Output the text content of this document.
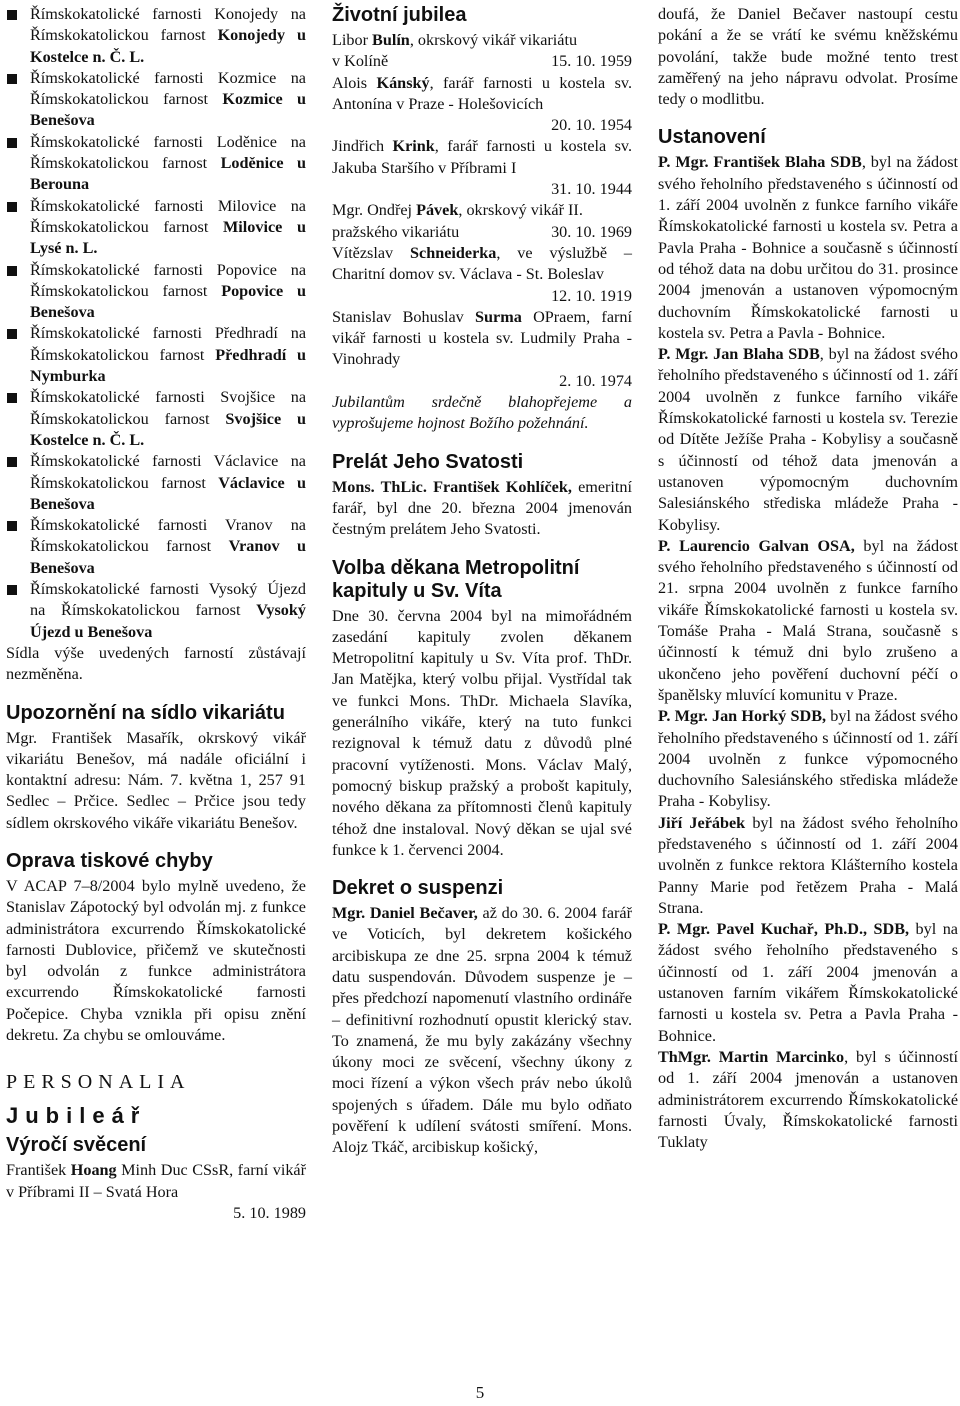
Římskokatolické farnosti Konojedy na Římskokatolickou farnost Konojedy u Kostelce n. Č. L.

Římskokatolické farnosti Kozmice na Římskokatolickou farnost Kozmice u Benešova

Římskokatolické farnosti Loděnice na Římskokatolickou farnost Loděnice u Berouna

Římskokatolické farnosti Milovice na Římskokatolickou farnost Milovice u Lysé n. L.

Římskokatolické farnosti Popovice na Římskokatolickou farnost Popovice u Benešova

Římskokatolické farnosti Předhradí na Římskokatolickou farnost Předhradí u Nymburka

Římskokatolické farnosti Svojšice na Římskokatolickou farnost Svojšice u Kostelce n. Č. L.

Římskokatolické farnosti Václavice na Římskokatolickou farnost Václavice u Benešova

Římskokatolické farnosti Vranov na Římskokatolickou farnost Vranov u Benešova

Římskokatolické farnosti Vysoký Újezd na Římskokatolickou farnost Vysoký Újezd u Benešova

Sídla výše uvedených farností zůstávají nezměněna.

Upozornění na sídlo vikariátu

Mgr. František Masařík, okrskový vikář vikariátu Benešov, má nadále oficiální i kontaktní adresu: Nám. 7. května 1, 257 91 Sedlec – Prčice. Sedlec – Prčice jsou tedy sídlem okrskového vikáře vikariátu Benešov.

Oprava tiskové chyby

V ACAP 7–8/2004 bylo mylně uvedeno, že Stanislav Zápotocký byl odvolán mj. z funkce administrátora excurrendo Římskokatolické farnosti Dublovice, přičemž ve skutečnosti byl odvolán z funkce administrátora excurrendo Římskokatolické farnosti Počepice. Chyba vznikla při opisu znění dekretu. Za chybu se omlouváme.

PERSONALIA
Jubileář
Výročí svěcení

František Hoang Minh Duc CSsR, farní vikář v Příbrami II – Svatá Hora

5. 10. 1989

Životní jubilea

Libor Bulín, okrskový vikář vikariátu

v Kolíně	15. 10. 1959

Alois Kánský, farář farnosti u kostela sv. Antonína v Praze - Holešovicích

20. 10. 1954

Jindřich Krink, farář farnosti u kostela sv. Jakuba Staršího v Příbrami I

31. 10. 1944

Mgr. Ondřej Pávek, okrskový vikář II.

pražského vikariátu	30. 10. 1969

Vítězslav Schneiderka, ve výslužbě – Charitní domov sv. Václava - St. Boleslav

12. 10. 1919

Stanislav Bohuslav Surma OPraem, farní vikář farnosti u kostela sv. Ludmily Praha - Vinohrady

2. 10. 1974

Jubilantům srdečně blahopřejeme a vyprošujeme hojnost Božího požehnání.

Prelát Jeho Svatosti

Mons. ThLic. František Kohlíček, emeritní farář, byl dne 20. března 2004 jmenován čestným prelátem Jeho Svatosti.

Volba děkana Metropolitní kapituly u Sv. Víta

Dne 30. června 2004 byl na mimořádném zasedání kapituly zvolen děkanem Metropolitní kapituly u Sv. Víta prof. ThDr. Jan Matějka, který volbu přijal. Vystřídal tak ve funkci Mons. ThDr. Michaela Slavíka, generálního vikáře, který na tuto funkci rezignoval k témuž datu z důvodů plné pracovní vytíženosti. Mons. Václav Malý, pomocný biskup pražský a probošt kapituly, nového děkana za přítomnosti členů kapituly téhož dne instaloval. Nový děkan se ujal své funkce k 1. červenci 2004.

Dekret o suspenzi

Mgr. Daniel Bečaver, až do 30. 6. 2004 farář ve Voticích, byl dekretem košického arcibiskupa ze dne 25. srpna 2004 k témuž datu suspendován. Důvodem suspenze je – přes předchozí napomenutí vlastního ordináře – definitivní rozhodnutí opustit klerický stav. To znamená, že mu byly zakázány všechny úkony moci ze svěcení, všechny úkony z moci řízení a výkon všech práv nebo úkolů spojených s úřadem. Dále mu bylo odňato pověření k udílení svátosti smíření. Mons. Alojz Tkáč, arcibiskup košický,

doufá, že Daniel Bečaver nastoupí cestu pokání a že se vrátí ke svému kněžskému povolání, takže bude možné tento trest zaměřený na jeho nápravu odvolat. Prosíme tedy o modlitbu.

Ustanovení

P. Mgr. František Blaha SDB, byl na žádost svého řeholního představeného s účinností od 1. září 2004 uvolněn z funkce farního vikáře Římskokatolické farnosti u kostela sv. Petra a Pavla Praha - Bohnice a současně s účinností od téhož data na dobu určitou do 31. prosince 2004 jmenován a ustanoven výpomocným duchovním Římskokatolické farnosti u kostela sv. Petra a Pavla - Bohnice.

P. Mgr. Jan Blaha SDB, byl na žádost svého řeholního představeného s účinností od 1. září 2004 uvolněn z funkce farního vikáře Římskokatolické farnosti u kostela sv. Terezie od Dítěte Ježíše Praha - Kobylisy a současně s účinností od téhož data jmenován a ustanoven výpomocným duchovním Salesiánského střediska mládeže Praha - Kobylisy.

P. Laurencio Galvan OSA, byl na žádost svého řeholního představeného s účinností od 21. srpna 2004 uvolněn z funkce farního vikáře Římskokatolické farnosti u kostela sv. Tomáše Praha - Malá Strana, současně s účinností k témuž dni bylo zrušeno a ukončeno jeho pověření duchovní péčí o španělsky mluvící komunitu v Praze.

P. Mgr. Jan Horký SDB, byl na žádost svého řeholního představeného s účinností od 1. září 2004 uvolněn z funkce výpomocného duchovního Salesiánského střediska mládeže Praha - Kobylisy.

Jiří Jeřábek byl na žádost svého řeholního představeného s účinností od 1. září 2004 uvolněn z funkce rektora Klášterního kostela Panny Marie pod řetězem Praha - Malá Strana.

P. Mgr. Pavel Kuchař, Ph.D., SDB, byl na žádost svého řeholního představeného s účinností od 1. září 2004 jmenován a ustanoven farním vikářem Římskokatolické farnosti u kostela sv. Petra a Pavla Praha - Bohnice.

ThMgr. Martin Marcinko, byl s účinností od 1. září 2004 jmenován a ustanoven administrátorem excurrendo Římskokatolické farnosti Úvaly, Římskokatolické farnosti Tuklaty

5
